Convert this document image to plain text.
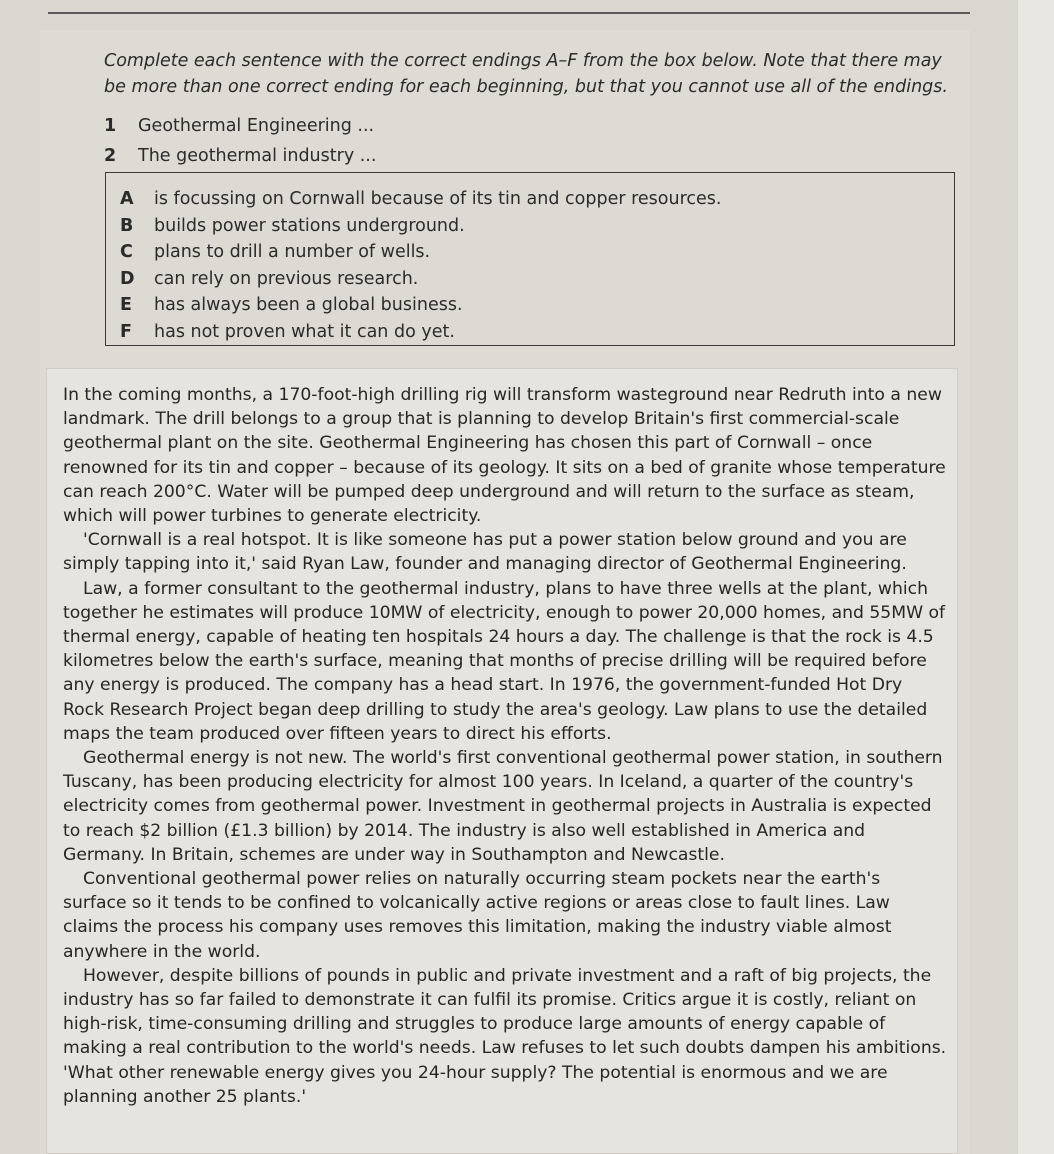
Complete each sentence with the correct endings A–F from the box below. Note that there may be more than one correct ending for each beginning, but that you cannot use all of the endings.
1 Geothermal Engineering ...
2 The geothermal industry ...
A is focussing on Cornwall because of its tin and copper resources.
B builds power stations underground.
C plans to drill a number of wells.
D can rely on previous research.
E has always been a global business.
F has not proven what it can do yet.

In the coming months, a 170-foot-high drilling rig will transform wasteground near Redruth into a new landmark. The drill belongs to a group that is planning to develop Britain's first commercial-scale geothermal plant on the site. Geothermal Engineering has chosen this part of Cornwall – once renowned for its tin and copper – because of its geology. It sits on a bed of granite whose temperature can reach 200°C. Water will be pumped deep underground and will return to the surface as steam, which will power turbines to generate electricity.

'Cornwall is a real hotspot. It is like someone has put a power station below ground and you are simply tapping into it,' said Ryan Law, founder and managing director of Geothermal Engineering.

Law, a former consultant to the geothermal industry, plans to have three wells at the plant, which together he estimates will produce 10MW of electricity, enough to power 20,000 homes, and 55MW of thermal energy, capable of heating ten hospitals 24 hours a day. The challenge is that the rock is 4.5 kilometres below the earth's surface, meaning that months of precise drilling will be required before any energy is produced. The company has a head start. In 1976, the government-funded Hot Dry Rock Research Project began deep drilling to study the area's geology. Law plans to use the detailed maps the team produced over fifteen years to direct his efforts.

Geothermal energy is not new. The world's first conventional geothermal power station, in southern Tuscany, has been producing electricity for almost 100 years. In Iceland, a quarter of the country's electricity comes from geothermal power. Investment in geothermal projects in Australia is expected to reach $2 billion (£1.3 billion) by 2014. The industry is also well established in America and Germany. In Britain, schemes are under way in Southampton and Newcastle.

Conventional geothermal power relies on naturally occurring steam pockets near the earth's surface so it tends to be confined to volcanically active regions or areas close to fault lines. Law claims the process his company uses removes this limitation, making the industry viable almost anywhere in the world.

However, despite billions of pounds in public and private investment and a raft of big projects, the industry has so far failed to demonstrate it can fulfil its promise. Critics argue it is costly, reliant on high-risk, time-consuming drilling and struggles to produce large amounts of energy capable of making a real contribution to the world's needs. Law refuses to let such doubts dampen his ambitions. 'What other renewable energy gives you 24-hour supply? The potential is enormous and we are planning another 25 plants.'
